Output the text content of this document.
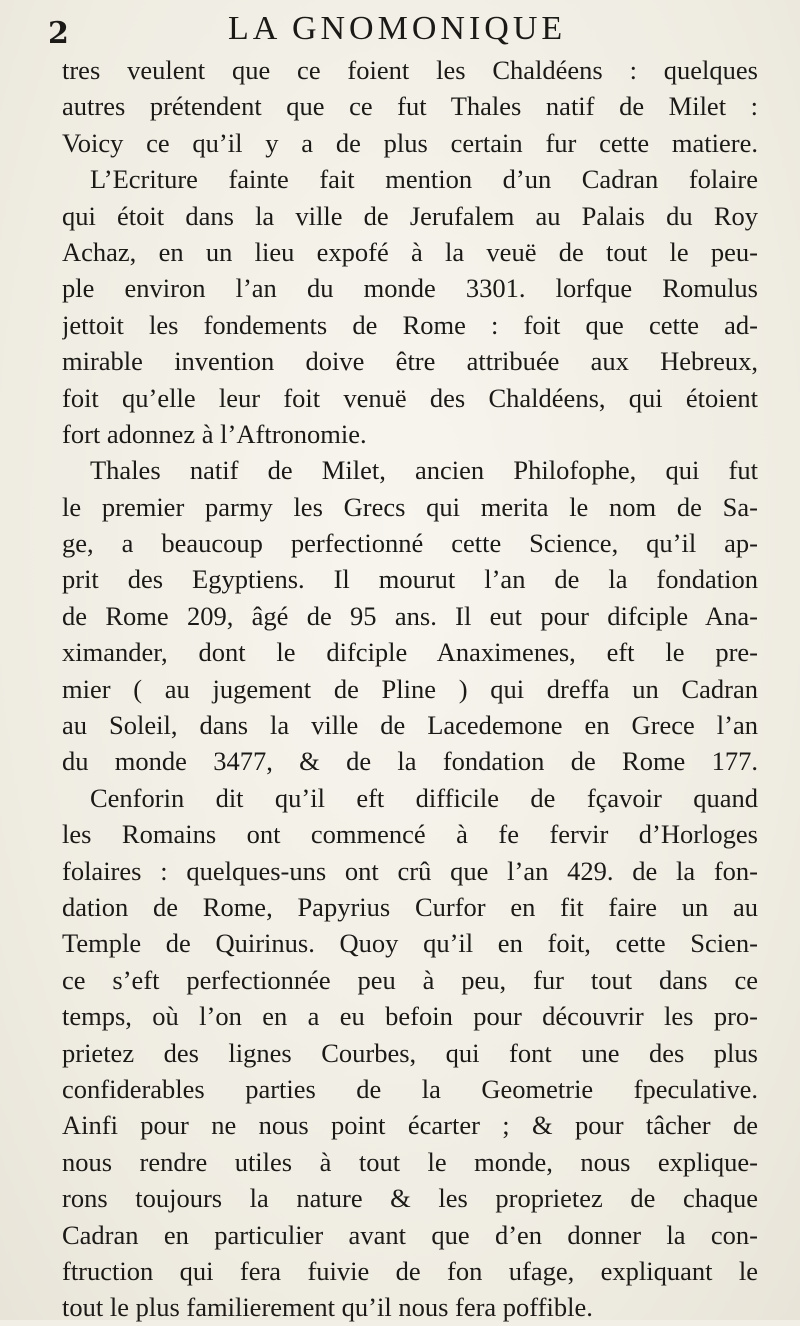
2	LA GNOMONIQUE
tres veulent que ce foient les Chaldéens : quelques
autres prétendent que ce fut Thales natif de Milet :
Voicy ce qu’il y a de plus certain fur cette matiere.
L’Ecriture fainte fait mention d’un Cadran folaire
qui étoit dans la ville de Jerufalem au Palais du Roy
Achaz, en un lieu expofé à la veuë de tout le peu-
ple environ l’an du monde 3301. lorfque Romulus
jettoit les fondements de Rome : foit que cette ad-
mirable invention doive être attribuée aux Hebreux,
foit qu’elle leur foit venuë des Chaldéens, qui étoient
fort adonnez à l’Aftronomie.
Thales natif de Milet, ancien Philofophe, qui fut
le premier parmy les Grecs qui merita le nom de Sa-
ge, a beaucoup perfectionné cette Science, qu’il ap-
prit des Egyptiens. Il mourut l’an de la fondation
de Rome 209, âgé de 95 ans. Il eut pour difciple Ana-
ximander, dont le difciple Anaximenes, eft le pre-
mier ( au jugement de Pline ) qui dreffa un Cadran
au Soleil, dans la ville de Lacedemone en Grece l’an
du monde 3477, & de la fondation de Rome 177.
Cenforin dit qu’il eft difficile de fçavoir quand
les Romains ont commencé à fe fervir d’Horloges
folaires : quelques-uns ont crû que l’an 429. de la fon-
dation de Rome, Papyrius Curfor en fit faire un au
Temple de Quirinus. Quoy qu’il en foit, cette Scien-
ce s’eft perfectionnée peu à peu, fur tout dans ce
temps, où l’on en a eu befoin pour découvrir les pro-
prietez des lignes Courbes, qui font une des plus
confiderables parties de la Geometrie fpeculative.
Ainfi pour ne nous point écarter ; & pour tâcher de
nous rendre utiles à tout le monde, nous explique-
rons toujours la nature & les proprietez de chaque
Cadran en particulier avant que d’en donner la con-
ftruction qui fera fuivie de fon ufage, expliquant le
tout le plus familierement qu’il nous fera poffible.
